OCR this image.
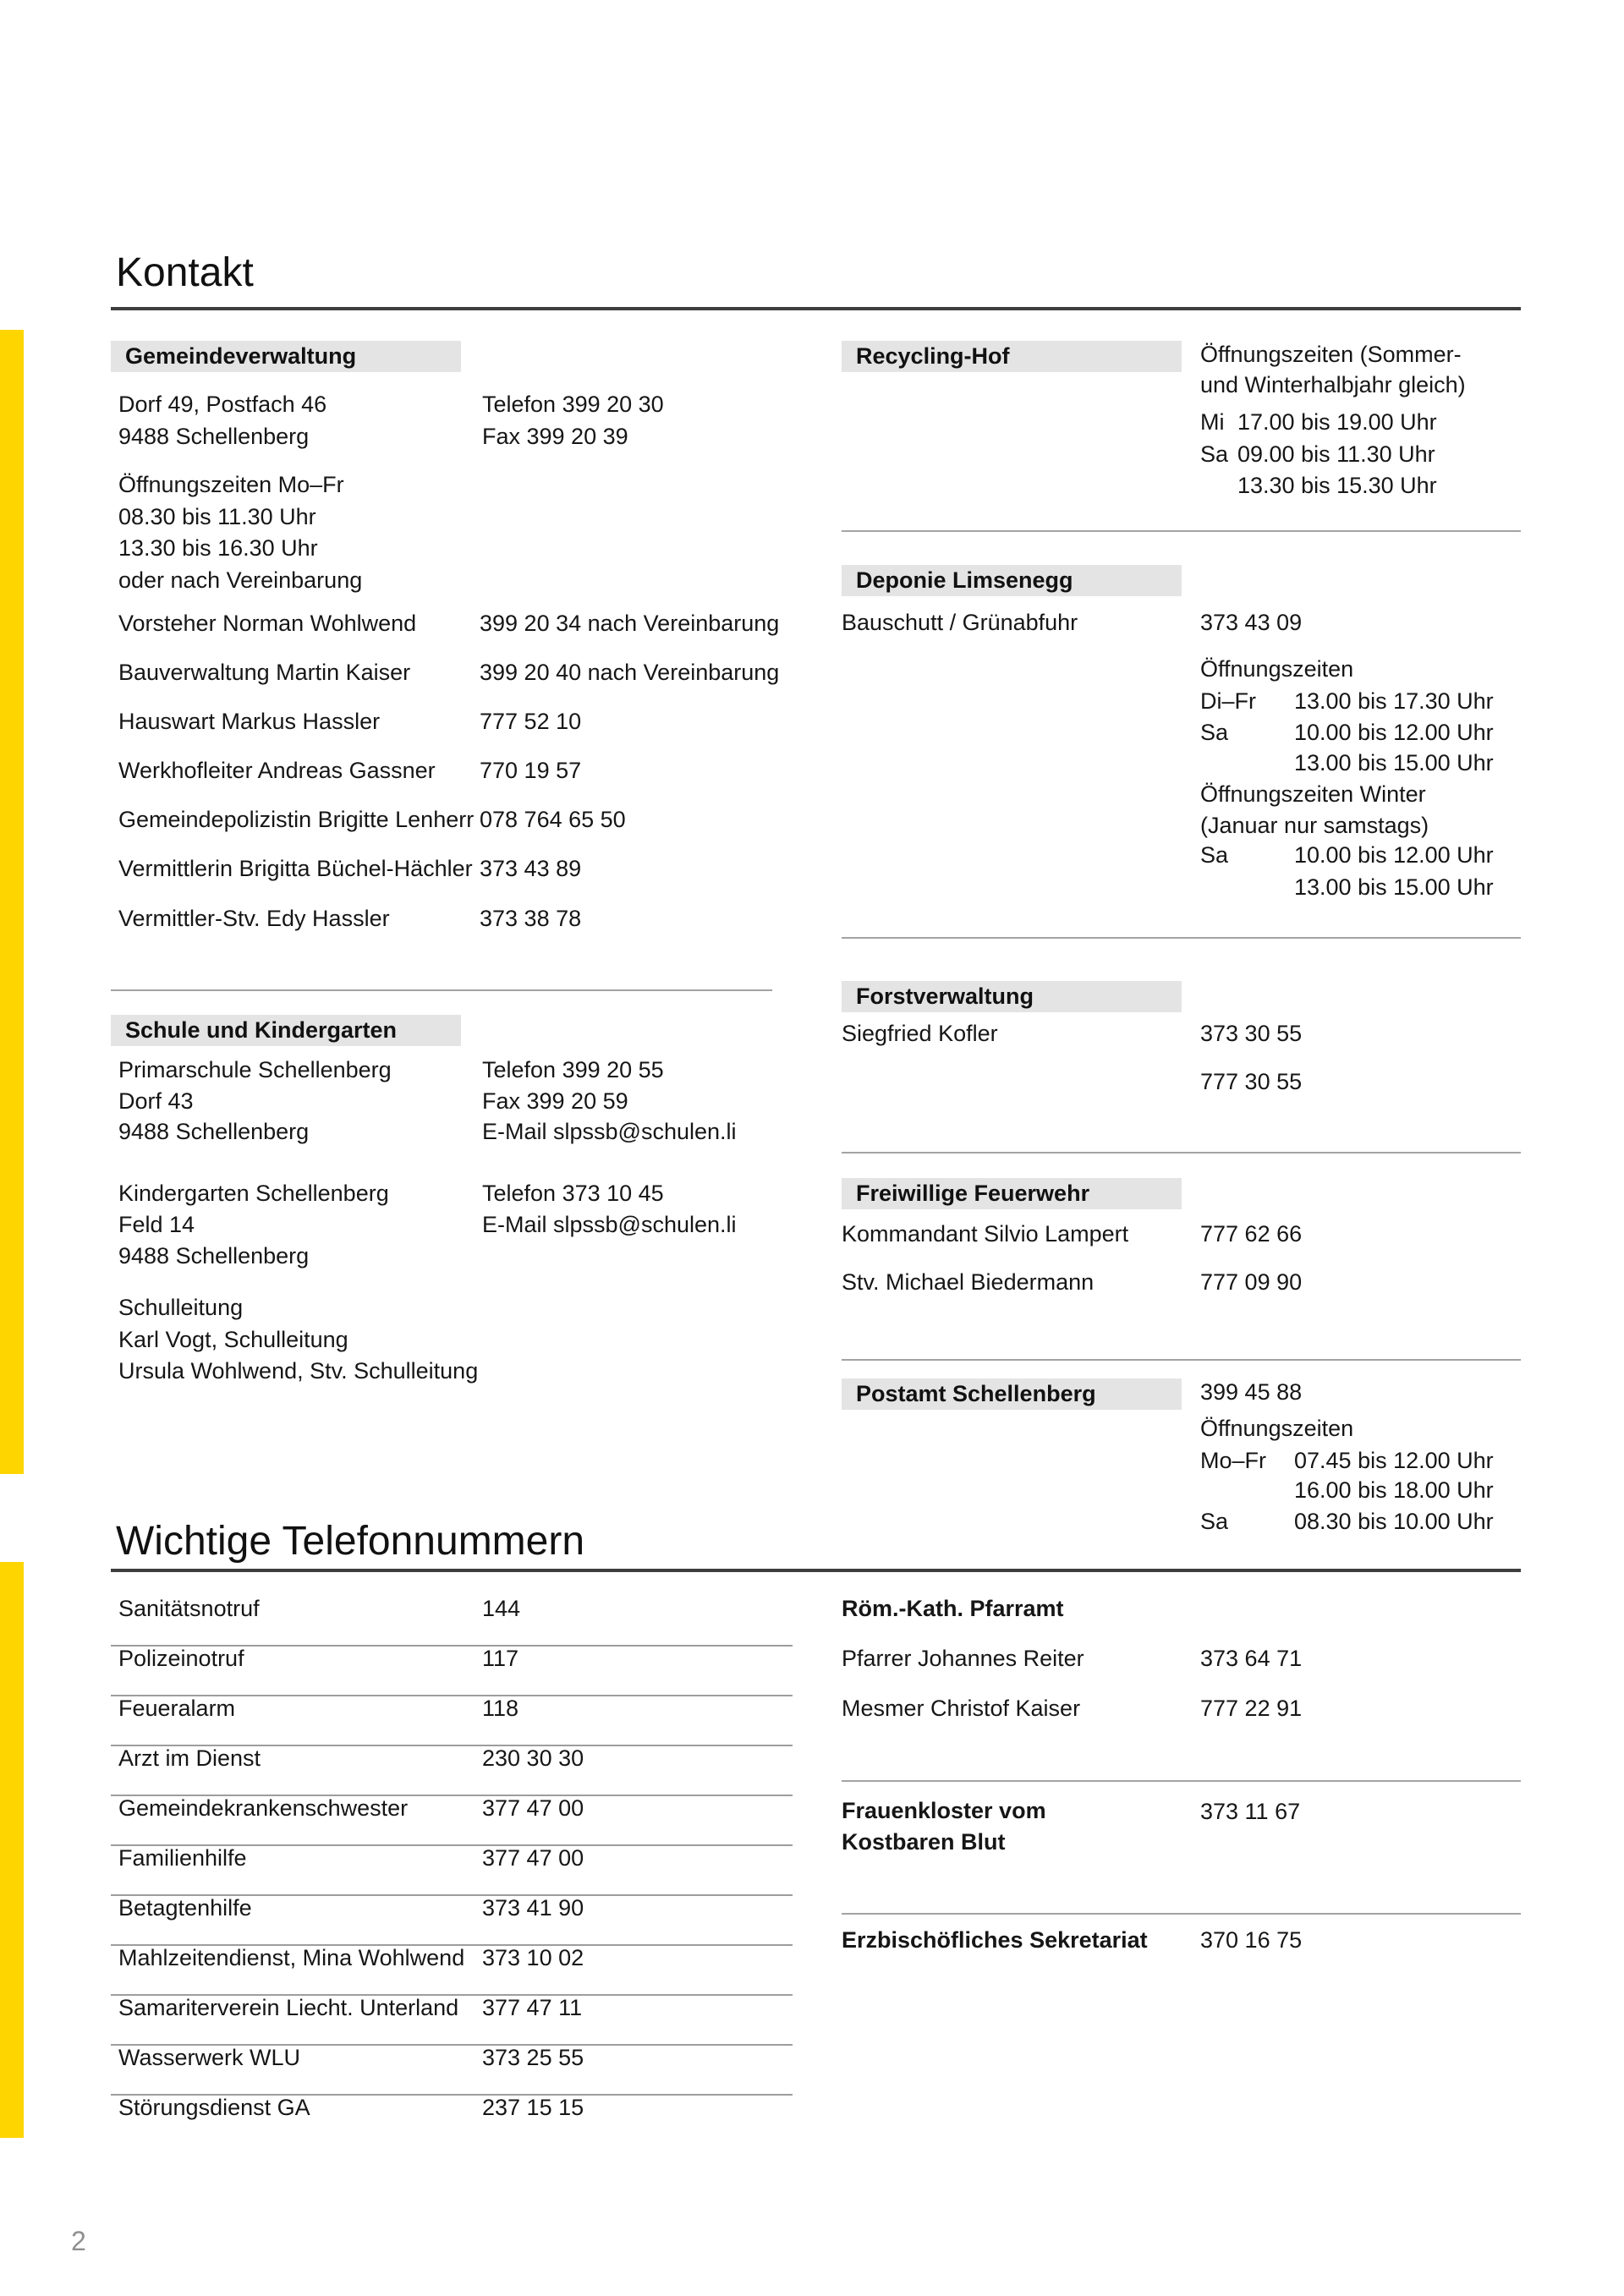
Kontakt
Gemeindeverwaltung
Dorf 49, Postfach 46
9488 Schellenberg
Telefon 399 20 30
Fax 399 20 39
Öffnungszeiten Mo–Fr
08.30 bis 11.30 Uhr
13.30 bis 16.30 Uhr
oder nach Vereinbarung
Vorsteher Norman Wohlwend	399 20 34 nach Vereinbarung
Bauverwaltung Martin Kaiser	399 20 40 nach Vereinbarung
Hauswart Markus Hassler	777 52 10
Werkhofleiter Andreas Gassner 770 19 57
Gemeindepolizistin Brigitte Lenherr 078 764 65 50
Vermittlerin Brigitta Büchel-Hächler 373 43 89
Vermittler-Stv. Edy Hassler	373 38 78
Schule und Kindergarten
Primarschule Schellenberg
Dorf 43
9488 Schellenberg
Telefon 399 20 55
Fax 399 20 59
E-Mail slpssb@schulen.li
Kindergarten Schellenberg
Feld 14
9488 Schellenberg
Telefon 373 10 45
E-Mail slpssb@schulen.li
Schulleitung
Karl Vogt, Schulleitung
Ursula Wohlwend, Stv. Schulleitung
Recycling-Hof	Öffnungszeiten (Sommer-
und Winterhalbjahr gleich)
Mi 17.00 bis 19.00 Uhr
Sa 09.00 bis 11.30 Uhr
13.30 bis 15.30 Uhr
Deponie Limsenegg
Bauschutt / Grünabfuhr	373 43 09
Öffnungszeiten
Di–Fr 13.00 bis 17.30 Uhr
Sa	10.00 bis 12.00 Uhr
13.00 bis 15.00 Uhr
Öffnungszeiten Winter
(Januar nur samstags)
Sa	10.00 bis 12.00 Uhr
13.00 bis 15.00 Uhr
Forstverwaltung
Siegfried Kofler	373 30 55
777 30 55
Freiwillige Feuerwehr
Kommandant Silvio Lampert	777 62 66
Stv. Michael Biedermann	777 09 90
Postamt Schellenberg	399 45 88
Öffnungszeiten
Mo–Fr 07.45 bis 12.00 Uhr
16.00 bis 18.00 Uhr
Sa	08.30 bis 10.00 Uhr
Wichtige Telefonnummern
Sanitätsnotruf	144
Polizeinotruf	117
Feueralarm	118
Arzt im Dienst	230 30 30
Gemeindekrankenschwester	377 47 00
Familienhilfe	377 47 00
Betagtenhilfe	373 41 90
Mahlzeitendienst, Mina Wohlwend 373 10 02
Samariterverein Liecht. Unterland 377 47 11
Wasserwerk WLU	373 25 55
Störungsdienst GA	237 15 15
Röm.-Kath. Pfarramt
Pfarrer Johannes Reiter	373 64 71
Mesmer Christof Kaiser	777 22 91
Frauenkloster vom
Kostbaren Blut
373 11 67
Erzbischöfliches Sekretariat 370 16 75
2
